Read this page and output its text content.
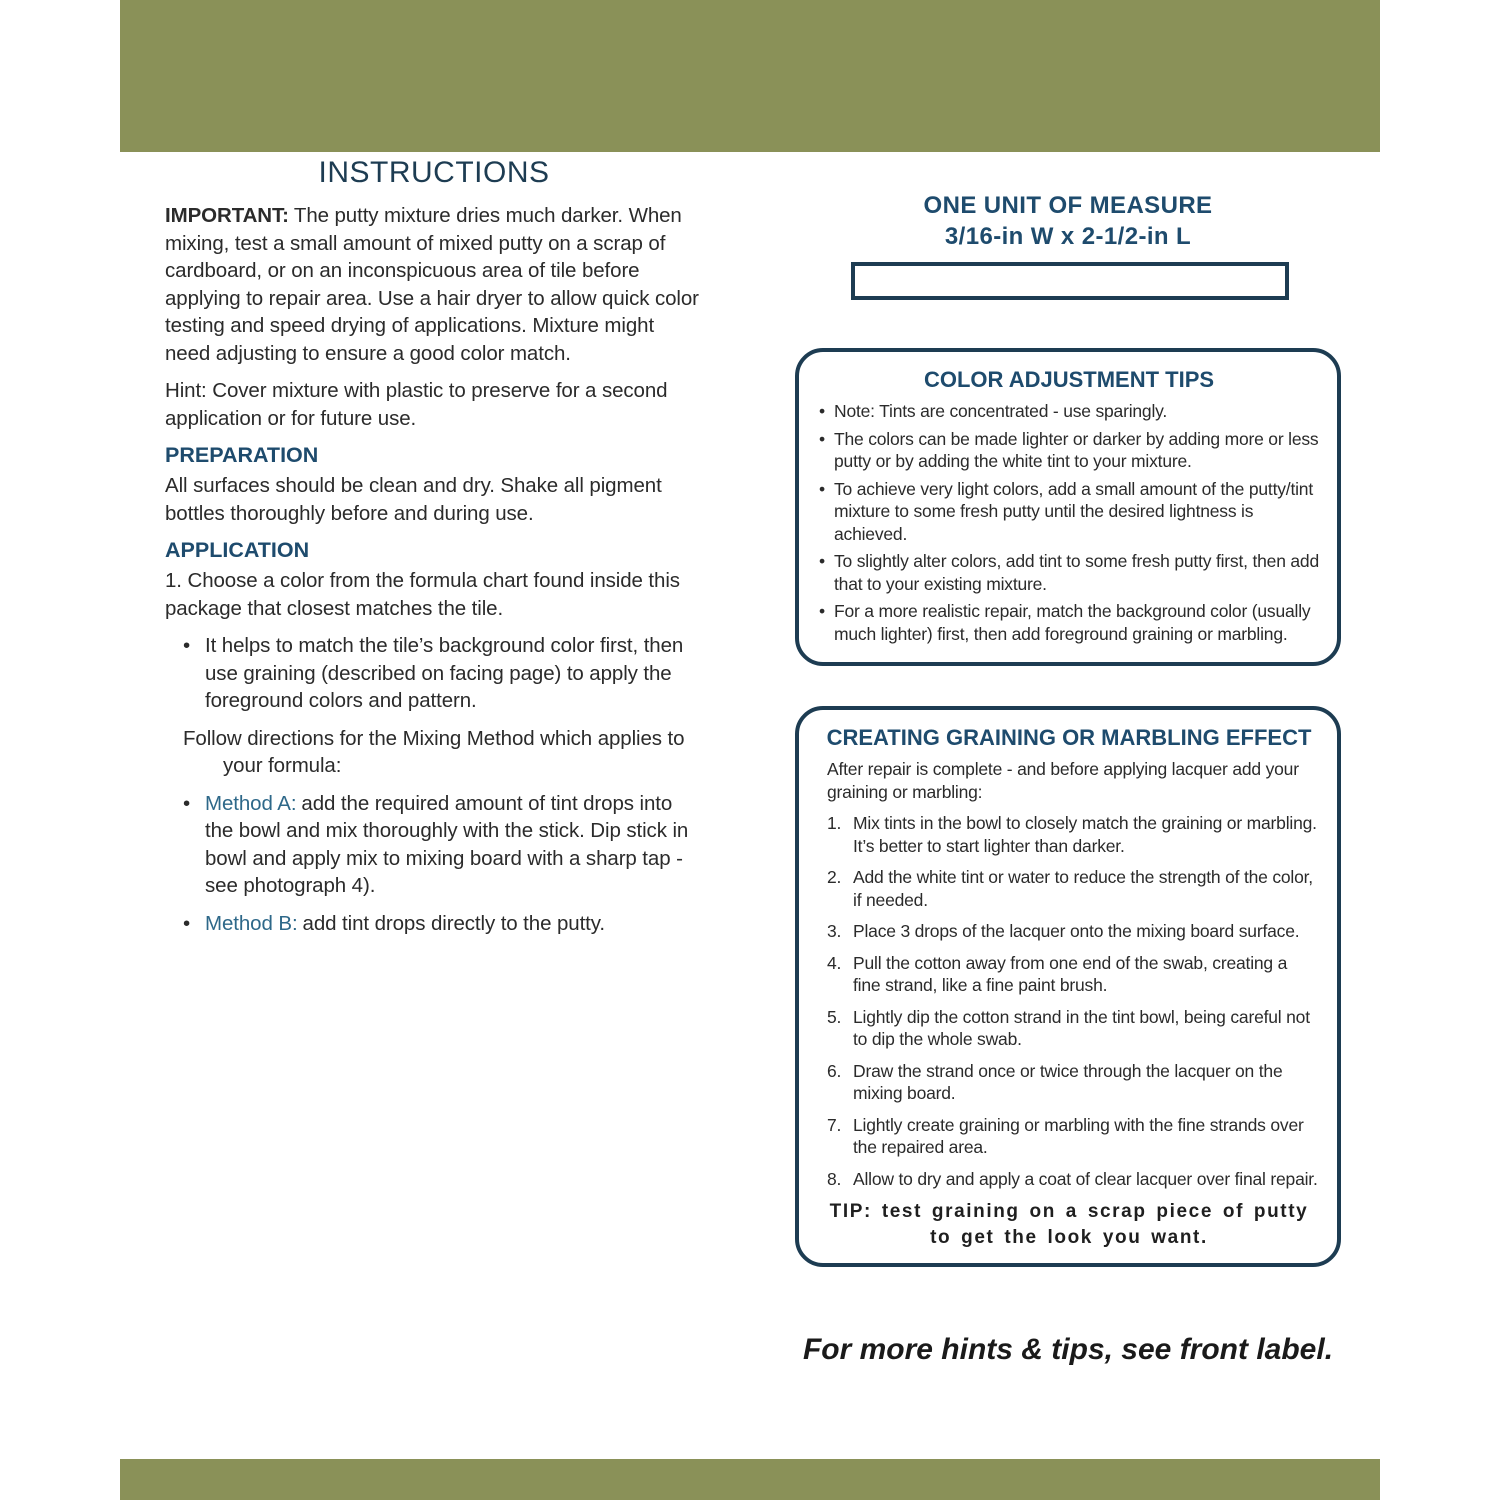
INSTRUCTIONS

IMPORTANT: The putty mixture dries much darker. When mixing, test a small amount of mixed putty on a scrap of cardboard, or on an inconspicuous area of tile before applying to repair area. Use a hair dryer to allow quick color testing and speed drying of applications. Mixture might need adjusting to ensure a good color match.

Hint: Cover mixture with plastic to preserve for a second application or for future use.

PREPARATION

All surfaces should be clean and dry. Shake all pigment bottles thoroughly before and during use.

APPLICATION

1. Choose a color from the formula chart found inside this package that closest matches the tile.

•
It helps to match the tile’s background color first, then use graining (described on facing page) to apply the foreground colors and pattern.

Follow directions for the Mixing Method which applies to your formula:

•
Method A: add the required amount of tint drops into the bowl and mix thoroughly with the stick. Dip stick in bowl and apply mix to mixing board with a sharp tap - see photograph 4).
•
Method B: add tint drops directly to the putty.

ONE UNIT OF MEASURE
3/16-in W x 2-1/2-in L
COLOR ADJUSTMENT TIPS
•
Note: Tints are concentrated - use sparingly.
•
The colors can be made lighter or darker by adding more or less putty or by adding the white tint to your mixture.
•
To achieve very light colors, add a small amount of the putty/tint mixture to some fresh putty until the desired lightness is achieved.
•
To slightly alter colors, add tint to some fresh putty first, then add that to your existing mixture.
•
For a more realistic repair, match the background color (usually much lighter) first, then add foreground graining or marbling.
CREATING GRAINING OR MARBLING EFFECT

After repair is complete - and before applying lacquer add your graining or marbling:

1. Mix tints in the bowl to closely match the graining or marbling. It’s better to start lighter than darker.
2. Add the white tint or water to reduce the strength of the color, if needed.
3. Place 3 drops of the lacquer onto the mixing board surface.
4. Pull the cotton away from one end of the swab, creating a fine strand, like a fine paint brush.
5. Lightly dip the cotton strand in the tint bowl, being careful not to dip the whole swab.
6. Draw the strand once or twice through the lacquer on the mixing board.
7. Lightly create graining or marbling with the fine strands over the repaired area.
8. Allow to dry and apply a coat of clear lacquer over final repair.
TIP: test graining on a scrap piece of putty to get the look you want.
For more hints & tips, see front label.
